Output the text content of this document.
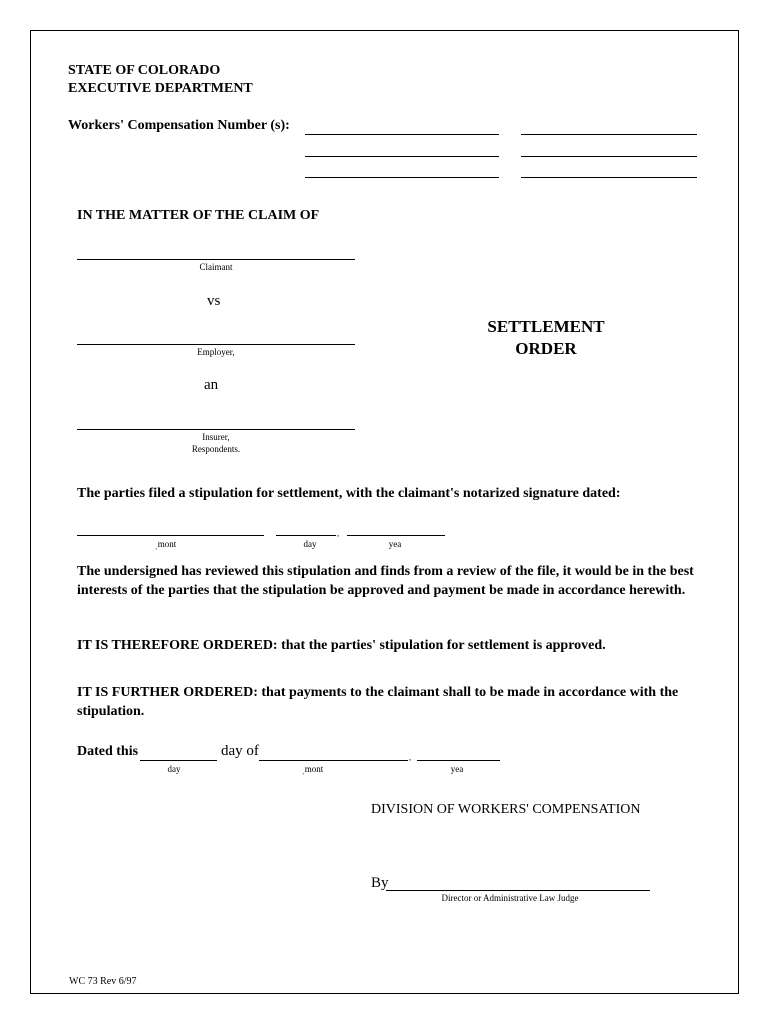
STATE OF COLORADO
EXECUTIVE DEPARTMENT
Workers' Compensation Number (s):
IN THE MATTER OF THE CLAIM OF
Claimant
vs
Employer,
an
Insurer,
Respondents.
SETTLEMENT
ORDER
The parties filed a stipulation for settlement, with the claimant's notarized signature dated:
,
mont
`
day	yea
The undersigned has reviewed this stipulation and finds from a review of the file, it would be in the best interests of the parties that the stipulation be approved and payment be made in accordance herewith.
IT IS THEREFORE ORDERED: that the parties' stipulation for settlement is approved.
IT IS FURTHER ORDERED: that payments to the claimant shall to be made in accordance with the stipulation.
Dated this	day of	,
day	mont
`
yea
DIVISION OF WORKERS' COMPENSATION
By
Director or Administrative Law Judge
WC 73 Rev 6/97
